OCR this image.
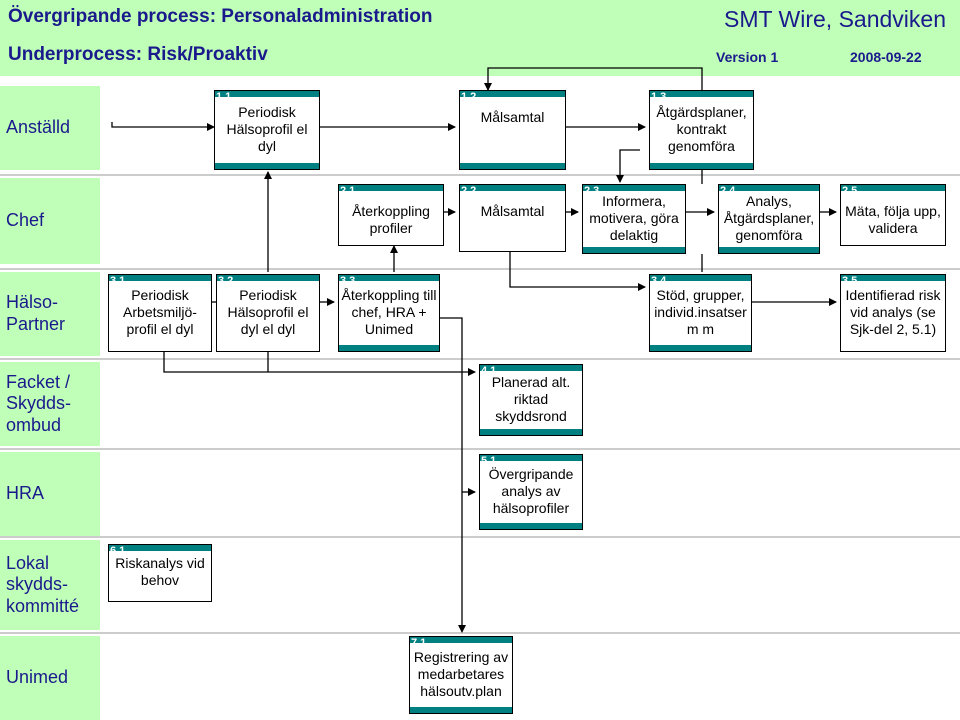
Övergripande process: Personaladministration	SMT Wire, Sandviken
Underprocess: Risk/Proaktiv	Version 1	2008-09-22
Anställd
Chef
Hälso-
Partner
Facket /
Skydds-
ombud
HRA
Lokal
skydds-
kommitté
Unimed
1.1
Periodisk
Hälsoprofil el
dyl
1.2
Målsamtal
1.3
Åtgärdsplaner,
kontrakt
genomföra
2.1
Återkoppling
profiler
2.2
Målsamtal
2.3
Informera,
motivera, göra
delaktig
2.4
Analys,
Åtgärdsplaner,
genomföra
2.5
Mäta, följa upp,
validera
3.1
Periodisk
Arbetsmiljö-
profil el dyl
3.2
Periodisk
Hälsoprofil el
dyl el dyl
3.3
Återkoppling till
chef, HRA +
Unimed
3.4
Stöd, grupper,
individ.insatser
m m
3.5
Identifierad risk
vid analys (se
Sjk-del 2, 5.1)
4.1
Planerad alt.
riktad
skyddsrond
5.1
Övergripande
analys av
hälsoprofiler
6.1
Riskanalys vid
behov
7.1
Registrering av
medarbetares
hälsoutv.plan
